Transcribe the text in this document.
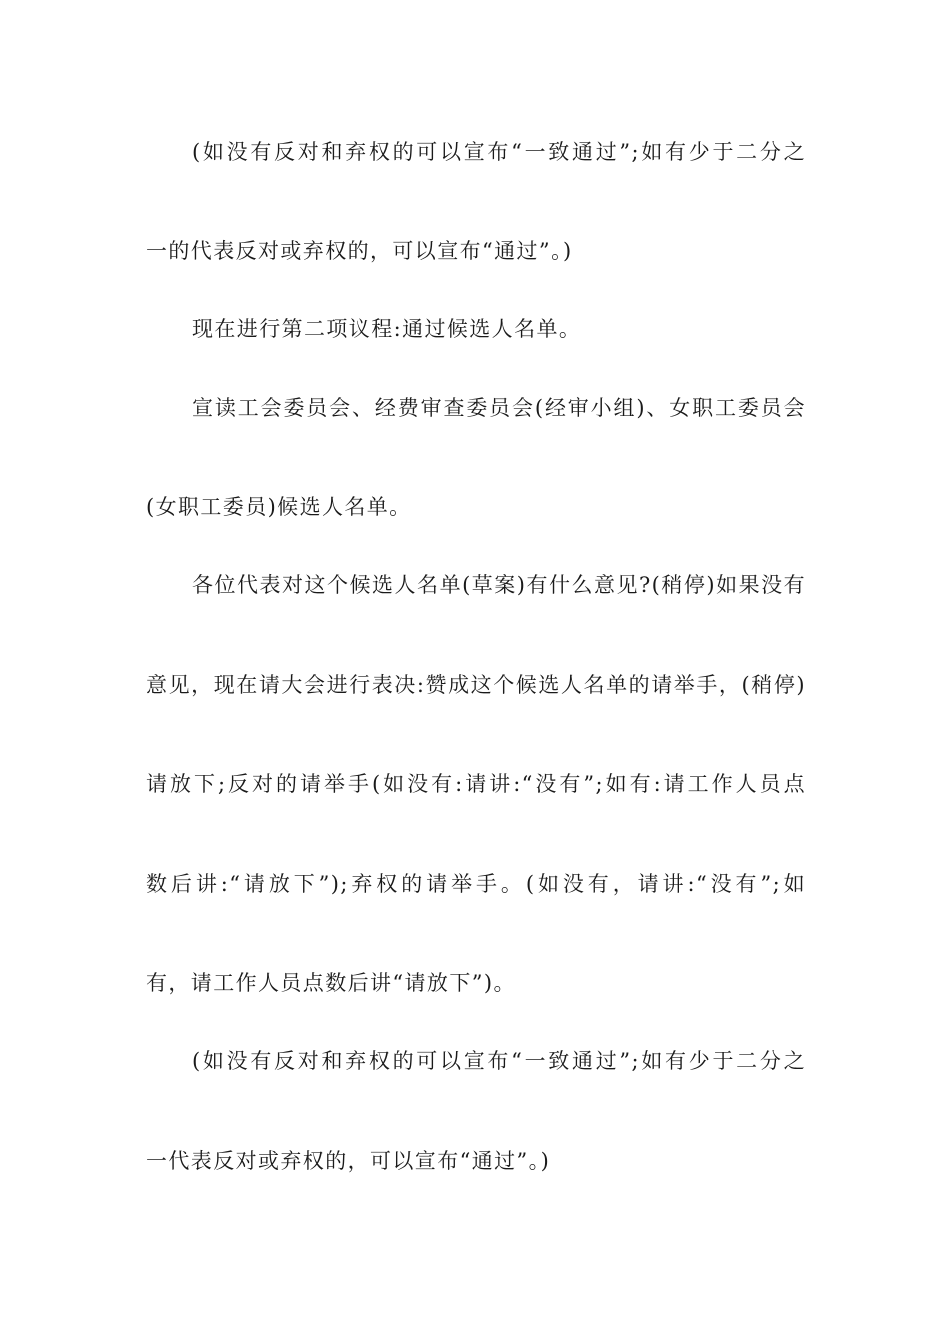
(如没有反对和弃权的可以宣布“一致通过”;如有少于二分之
一的代表反对或弃权的，可以宣布“通过”。)
现在进行第二项议程:通过候选人名单。
宣读工会委员会、经费审查委员会(经审小组)、女职工委员会
(女职工委员)候选人名单。
各位代表对这个候选人名单(草案)有什么意见?(稍停)如果没有
意见，现在请大会进行表决:赞成这个候选人名单的请举手，(稍停)
请放下;反对的请举手(如没有:请讲:“没有”;如有:请工作人员点
数后讲:“请放下”);弃权的请举手。(如没有，请讲:“没有”;如
有，请工作人员点数后讲“请放下”)。
(如没有反对和弃权的可以宣布“一致通过”;如有少于二分之
一代表反对或弃权的，可以宣布“通过”。)
